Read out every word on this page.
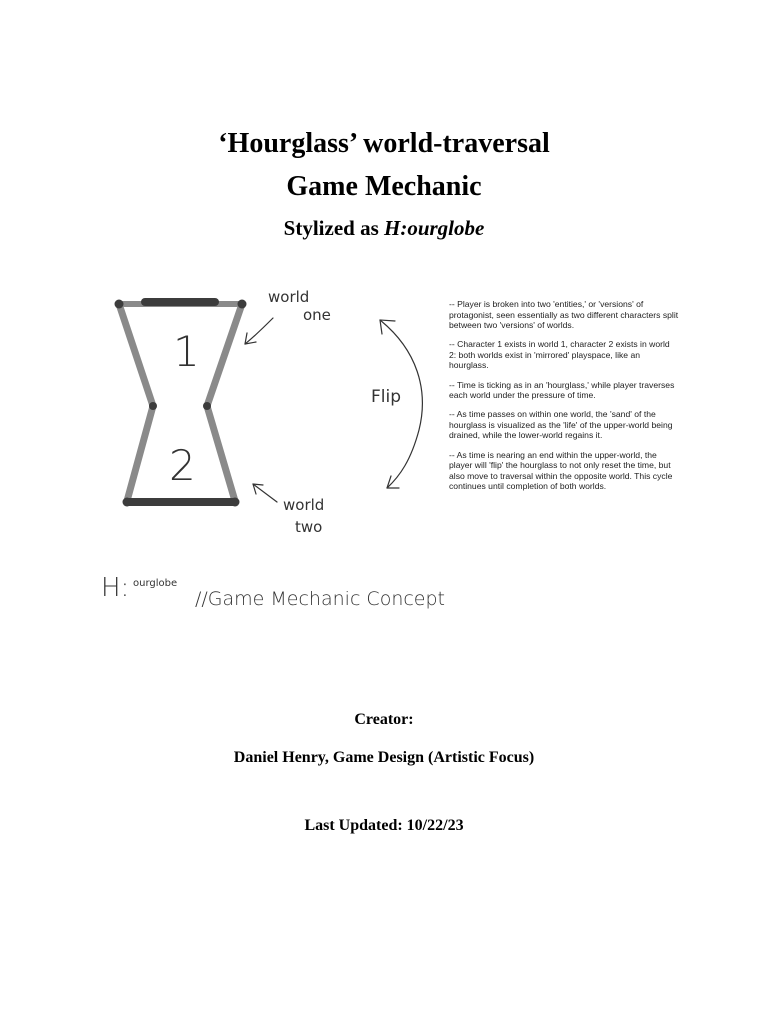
‘Hourglass’ world-traversal
Game Mechanic
Stylized as H:ourglobe
1
2
world
one
world
two
Flip
H: ourglobe
//Game Mechanic Concept

-- Player is broken into two 'entities,' or 'versions' of protagonist, seen essentially as two different characters split between two 'versions' of worlds.

-- Character 1 exists in world 1, character 2 exists in world 2: both worlds exist in 'mirrored' playspace, like an hourglass.

-- Time is ticking as in an 'hourglass,' while player traverses each world under the pressure of time.

-- As time passes on within one world, the 'sand' of the hourglass is visualized as the 'life' of the upper-world being drained, while the lower-world regains it.

-- As time is nearing an end within the upper-world, the player will 'flip' the hourglass to not only reset the time, but also move to traversal within the opposite world. This cycle continues until completion of both worlds.

Creator:
Daniel Henry, Game Design (Artistic Focus)
Last Updated: 10/22/23
